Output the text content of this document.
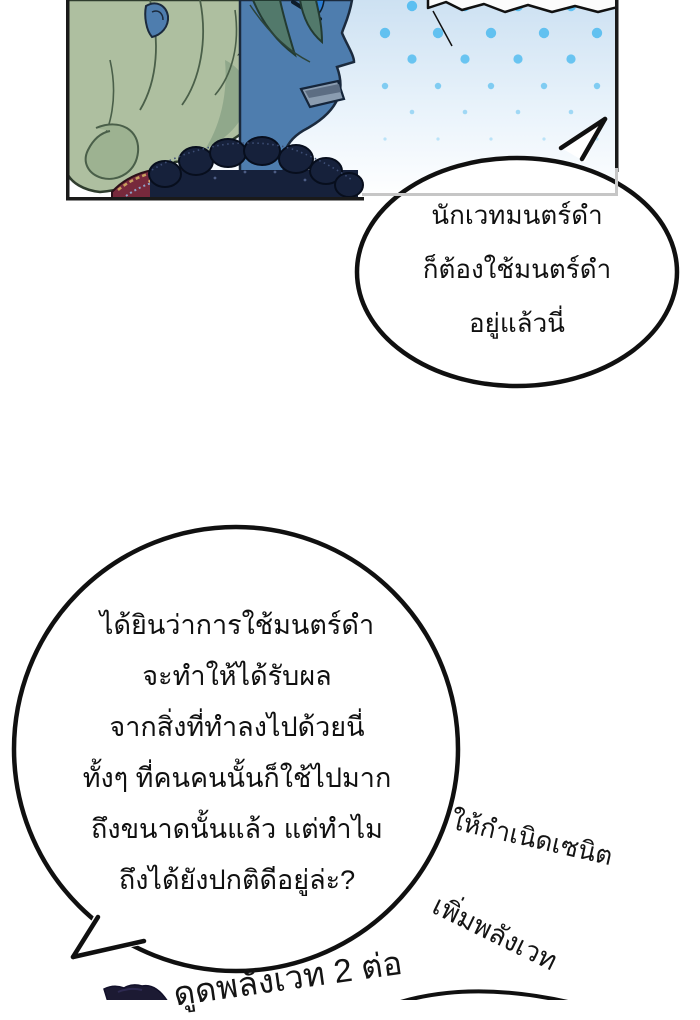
นักเวทมนตร์ดำ
ก็ต้องใช้มนตร์ดำ
อยู่แล้วนี่
ได้ยินว่าการใช้มนตร์ดำ
จะทำให้ได้รับผล
จากสิ่งที่ทำลงไปด้วยนี่
ทั้งๆ ที่คนคนนั้นก็ใช้ไปมาก
ถึงขนาดนั้นแล้ว แต่ทำไม
ถึงได้ยังปกติดีอยู่ล่ะ?
ให้กำเนิดเซนิต
เพิ่มพลังเวท
ดูดพลังเวท 2 ต่อ
